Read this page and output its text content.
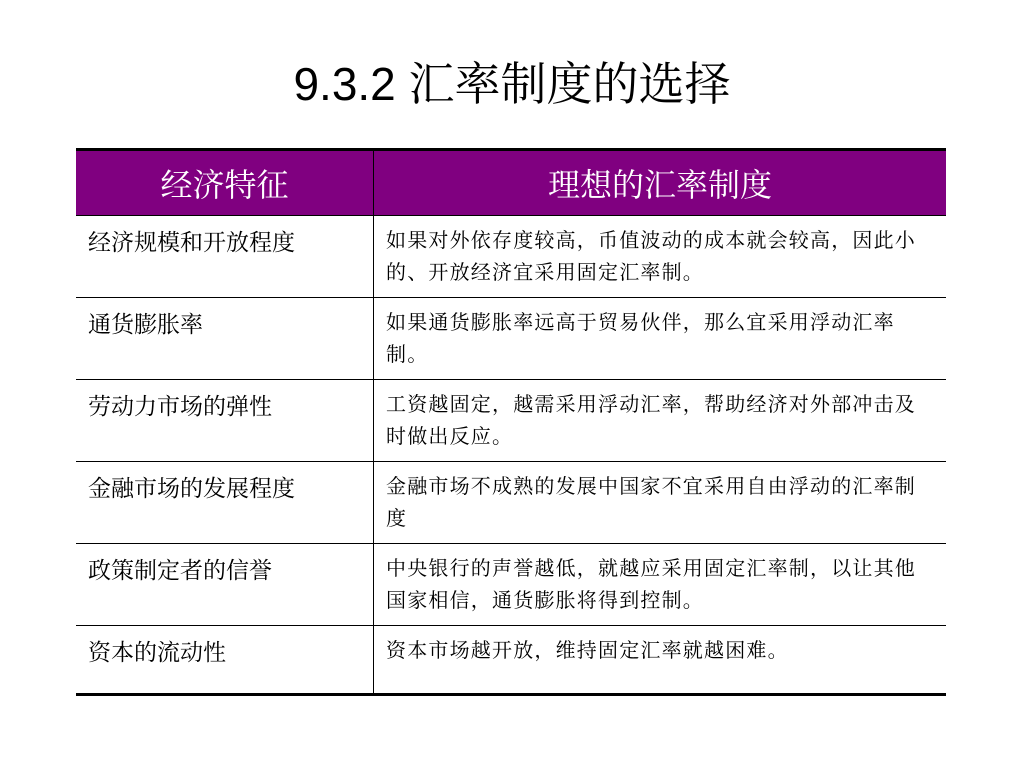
9.3.2 汇率制度的选择
经济特征	理想的汇率制度
经济规模和开放程度	如果对外依存度较高，币值波动的成本就会较高，因此小的、开放经济宜采用固定汇率制。
通货膨胀率	如果通货膨胀率远高于贸易伙伴，那么宜采用浮动汇率制。
劳动力市场的弹性	工资越固定，越需采用浮动汇率，帮助经济对外部冲击及时做出反应。
金融市场的发展程度	金融市场不成熟的发展中国家不宜采用自由浮动的汇率制度
政策制定者的信誉	中央银行的声誉越低，就越应采用固定汇率制，以让其他国家相信，通货膨胀将得到控制。
资本的流动性	资本市场越开放，维持固定汇率就越困难。
